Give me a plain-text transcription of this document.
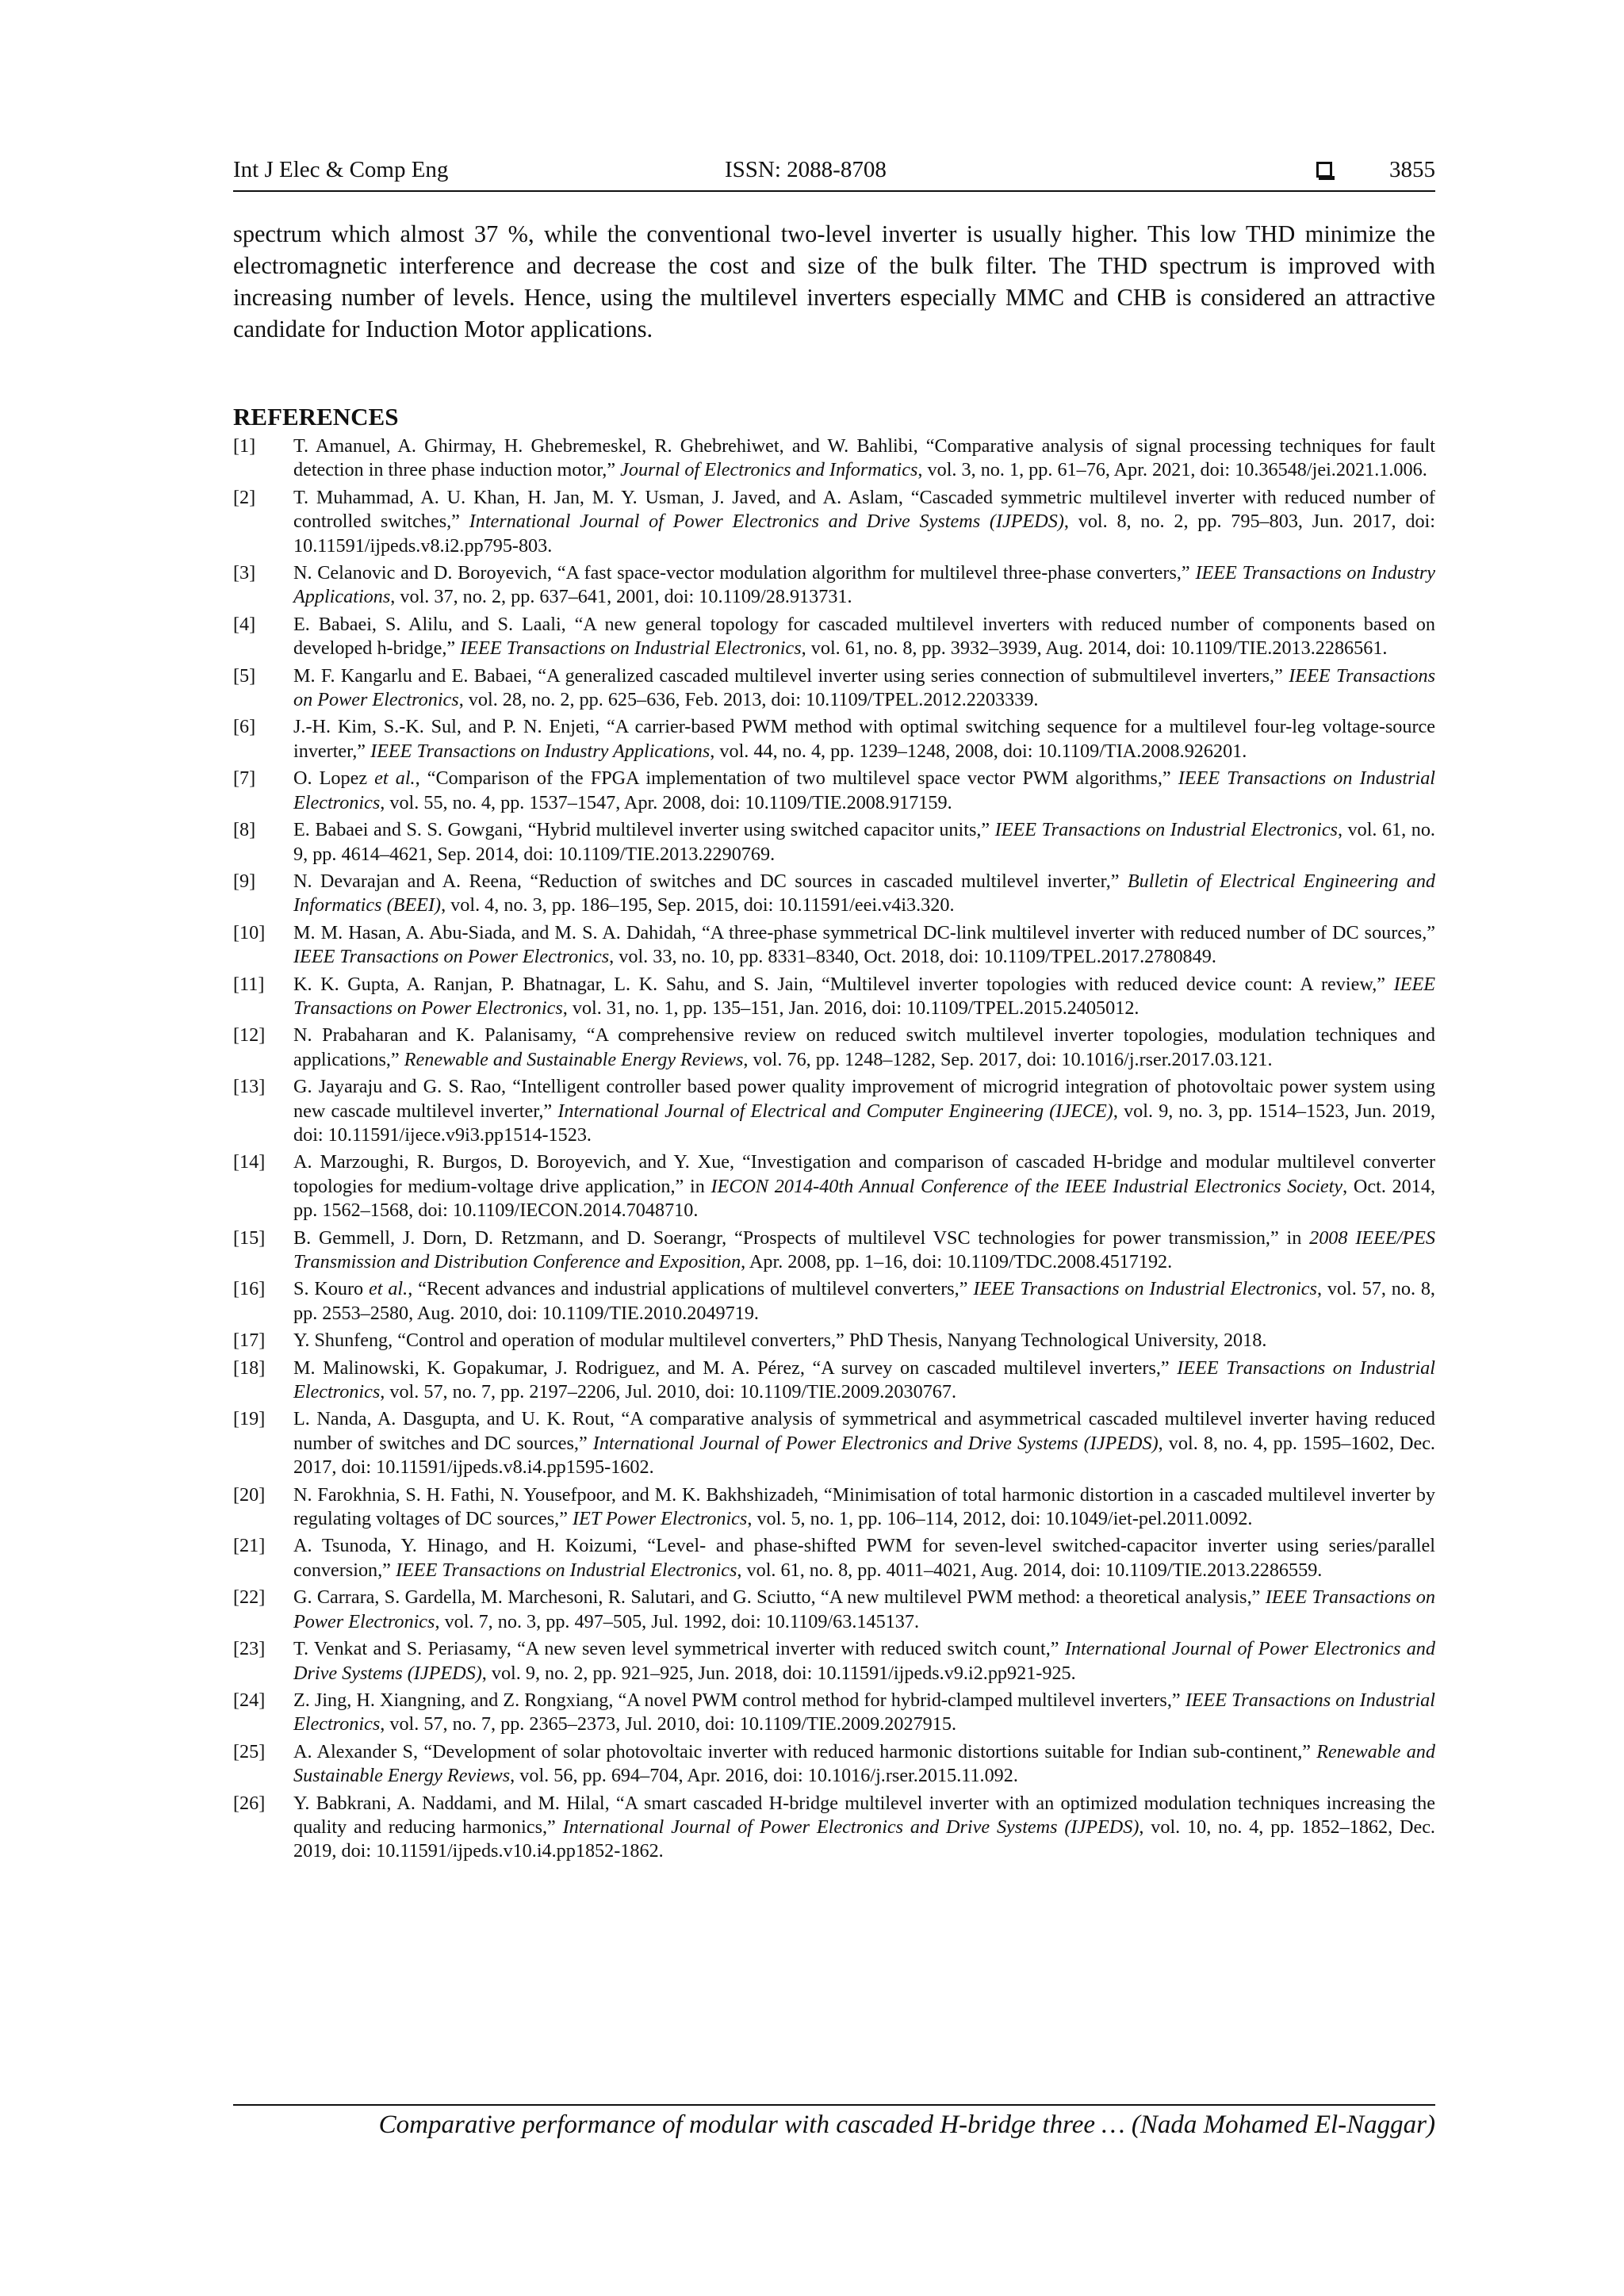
Int J Elec & Comp Eng	ISSN: 2088-8708	3855

spectrum which almost 37 %, while the conventional two-level inverter is usually higher. This low THD minimize the electromagnetic interference and decrease the cost and size of the bulk filter. The THD spectrum is improved with increasing number of levels. Hence, using the multilevel inverters especially MMC and CHB is considered an attractive candidate for Induction Motor applications.

REFERENCES
[1] T. Amanuel, A. Ghirmay, H. Ghebremeskel, R. Ghebrehiwet, and W. Bahlibi, “Comparative analysis of signal processing techniques for fault detection in three phase induction motor,” Journal of Electronics and Informatics, vol. 3, no. 1, pp. 61–76, Apr. 2021, doi: 10.36548/jei.2021.1.006.
[2] T. Muhammad, A. U. Khan, H. Jan, M. Y. Usman, J. Javed, and A. Aslam, “Cascaded symmetric multilevel inverter with reduced number of controlled switches,” International Journal of Power Electronics and Drive Systems (IJPEDS), vol. 8, no. 2, pp. 795–803, Jun. 2017, doi: 10.11591/ijpeds.v8.i2.pp795-803.
[3] N. Celanovic and D. Boroyevich, “A fast space-vector modulation algorithm for multilevel three-phase converters,” IEEE Transactions on Industry Applications, vol. 37, no. 2, pp. 637–641, 2001, doi: 10.1109/28.913731.
[4] E. Babaei, S. Alilu, and S. Laali, “A new general topology for cascaded multilevel inverters with reduced number of components based on developed h-bridge,” IEEE Transactions on Industrial Electronics, vol. 61, no. 8, pp. 3932–3939, Aug. 2014, doi: 10.1109/TIE.2013.2286561.
[5] M. F. Kangarlu and E. Babaei, “A generalized cascaded multilevel inverter using series connection of submultilevel inverters,” IEEE Transactions on Power Electronics, vol. 28, no. 2, pp. 625–636, Feb. 2013, doi: 10.1109/TPEL.2012.2203339.
[6] J.-H. Kim, S.-K. Sul, and P. N. Enjeti, “A carrier-based PWM method with optimal switching sequence for a multilevel four-leg voltage-source inverter,” IEEE Transactions on Industry Applications, vol. 44, no. 4, pp. 1239–1248, 2008, doi: 10.1109/TIA.2008.926201.
[7] O. Lopez et al., “Comparison of the FPGA implementation of two multilevel space vector PWM algorithms,” IEEE Transactions on Industrial Electronics, vol. 55, no. 4, pp. 1537–1547, Apr. 2008, doi: 10.1109/TIE.2008.917159.
[8] E. Babaei and S. S. Gowgani, “Hybrid multilevel inverter using switched capacitor units,” IEEE Transactions on Industrial Electronics, vol. 61, no. 9, pp. 4614–4621, Sep. 2014, doi: 10.1109/TIE.2013.2290769.
[9] N. Devarajan and A. Reena, “Reduction of switches and DC sources in cascaded multilevel inverter,” Bulletin of Electrical Engineering and Informatics (BEEI), vol. 4, no. 3, pp. 186–195, Sep. 2015, doi: 10.11591/eei.v4i3.320.
[10] M. M. Hasan, A. Abu-Siada, and M. S. A. Dahidah, “A three-phase symmetrical DC-link multilevel inverter with reduced number of DC sources,” IEEE Transactions on Power Electronics, vol. 33, no. 10, pp. 8331–8340, Oct. 2018, doi: 10.1109/TPEL.2017.2780849.
[11] K. K. Gupta, A. Ranjan, P. Bhatnagar, L. K. Sahu, and S. Jain, “Multilevel inverter topologies with reduced device count: A review,” IEEE Transactions on Power Electronics, vol. 31, no. 1, pp. 135–151, Jan. 2016, doi: 10.1109/TPEL.2015.2405012.
[12] N. Prabaharan and K. Palanisamy, “A comprehensive review on reduced switch multilevel inverter topologies, modulation techniques and applications,” Renewable and Sustainable Energy Reviews, vol. 76, pp. 1248–1282, Sep. 2017, doi: 10.1016/j.rser.2017.03.121.
[13] G. Jayaraju and G. S. Rao, “Intelligent controller based power quality improvement of microgrid integration of photovoltaic power system using new cascade multilevel inverter,” International Journal of Electrical and Computer Engineering (IJECE), vol. 9, no. 3, pp. 1514–1523, Jun. 2019, doi: 10.11591/ijece.v9i3.pp1514-1523.
[14] A. Marzoughi, R. Burgos, D. Boroyevich, and Y. Xue, “Investigation and comparison of cascaded H-bridge and modular multilevel converter topologies for medium-voltage drive application,” in IECON 2014-40th Annual Conference of the IEEE Industrial Electronics Society, Oct. 2014, pp. 1562–1568, doi: 10.1109/IECON.2014.7048710.
[15] B. Gemmell, J. Dorn, D. Retzmann, and D. Soerangr, “Prospects of multilevel VSC technologies for power transmission,” in 2008 IEEE/PES Transmission and Distribution Conference and Exposition, Apr. 2008, pp. 1–16, doi: 10.1109/TDC.2008.4517192.
[16] S. Kouro et al., “Recent advances and industrial applications of multilevel converters,” IEEE Transactions on Industrial Electronics, vol. 57, no. 8, pp. 2553–2580, Aug. 2010, doi: 10.1109/TIE.2010.2049719.
[17] Y. Shunfeng, “Control and operation of modular multilevel converters,” PhD Thesis, Nanyang Technological University, 2018.
[18] M. Malinowski, K. Gopakumar, J. Rodriguez, and M. A. Pérez, “A survey on cascaded multilevel inverters,” IEEE Transactions on Industrial Electronics, vol. 57, no. 7, pp. 2197–2206, Jul. 2010, doi: 10.1109/TIE.2009.2030767.
[19] L. Nanda, A. Dasgupta, and U. K. Rout, “A comparative analysis of symmetrical and asymmetrical cascaded multilevel inverter having reduced number of switches and DC sources,” International Journal of Power Electronics and Drive Systems (IJPEDS), vol. 8, no. 4, pp. 1595–1602, Dec. 2017, doi: 10.11591/ijpeds.v8.i4.pp1595-1602.
[20] N. Farokhnia, S. H. Fathi, N. Yousefpoor, and M. K. Bakhshizadeh, “Minimisation of total harmonic distortion in a cascaded multilevel inverter by regulating voltages of DC sources,” IET Power Electronics, vol. 5, no. 1, pp. 106–114, 2012, doi: 10.1049/iet-pel.2011.0092.
[21] A. Tsunoda, Y. Hinago, and H. Koizumi, “Level- and phase-shifted PWM for seven-level switched-capacitor inverter using series/parallel conversion,” IEEE Transactions on Industrial Electronics, vol. 61, no. 8, pp. 4011–4021, Aug. 2014, doi: 10.1109/TIE.2013.2286559.
[22] G. Carrara, S. Gardella, M. Marchesoni, R. Salutari, and G. Sciutto, “A new multilevel PWM method: a theoretical analysis,” IEEE Transactions on Power Electronics, vol. 7, no. 3, pp. 497–505, Jul. 1992, doi: 10.1109/63.145137.
[23] T. Venkat and S. Periasamy, “A new seven level symmetrical inverter with reduced switch count,” International Journal of Power Electronics and Drive Systems (IJPEDS), vol. 9, no. 2, pp. 921–925, Jun. 2018, doi: 10.11591/ijpeds.v9.i2.pp921-925.
[24] Z. Jing, H. Xiangning, and Z. Rongxiang, “A novel PWM control method for hybrid-clamped multilevel inverters,” IEEE Transactions on Industrial Electronics, vol. 57, no. 7, pp. 2365–2373, Jul. 2010, doi: 10.1109/TIE.2009.2027915.
[25] A. Alexander S, “Development of solar photovoltaic inverter with reduced harmonic distortions suitable for Indian sub-continent,” Renewable and Sustainable Energy Reviews, vol. 56, pp. 694–704, Apr. 2016, doi: 10.1016/j.rser.2015.11.092.
[26] Y. Babkrani, A. Naddami, and M. Hilal, “A smart cascaded H-bridge multilevel inverter with an optimized modulation techniques increasing the quality and reducing harmonics,” International Journal of Power Electronics and Drive Systems (IJPEDS), vol. 10, no. 4, pp. 1852–1862, Dec. 2019, doi: 10.11591/ijpeds.v10.i4.pp1852-1862.
Comparative performance of modular with cascaded H-bridge three … (Nada Mohamed El-Naggar)
